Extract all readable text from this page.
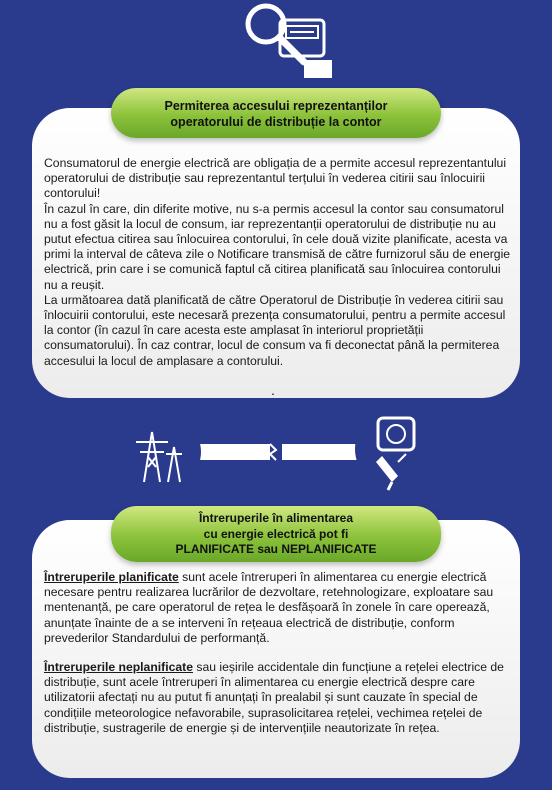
Permiterea accesului reprezentanților
operatorului de distribuție la contor

Consumatorul de energie electrică are obligația de a permite accesul reprezentantului operatorului de distribuție sau reprezentantul terțului în vederea citirii sau înlocuirii contorului!
În cazul în care, din diferite motive, nu s-a permis accesul la contor sau consumatorul nu a fost găsit la locul de consum, iar reprezentanții operatorului de distribuție nu au putut efectua citirea sau înlocuirea contorului, în cele două vizite planificate, acesta va primi la interval de câteva zile o Notificare transmisă de către furnizorul său de energie electrică, prin care i se comunică faptul că citirea planificată sau înlocuirea contorului nu a reușit.
La următoarea dată planificată de către Operatorul de Distribuție în vederea citirii sau înlocuirii contorului, este necesară prezența consumatorului, pentru a permite accesul la contor (în cazul în care acesta este amplasat în interiorul proprietății consumatorului). În caz contrar, locul de consum va fi deconectat până la permiterea accesului la locul de amplasare a contorului.

.
Întreruperile în alimentarea
cu energie electrică pot fi
PLANIFICATE sau NEPLANIFICATE

Întreruperile planificate sunt acele întreruperi în alimentarea cu energie electrică necesare pentru realizarea lucrărilor de dezvoltare, retehnologizare, exploatare sau mentenanță, pe care operatorul de rețea le desfășoară în zonele în care operează, anunțate înainte de a se interveni în rețeaua electrică de distribuție, conform prevederilor Standardului de performanță.

Întreruperile neplanificate sau ieșirile accidentale din funcțiune a rețelei electrice de distribuție, sunt acele întreruperi în alimentarea cu energie electrică despre care utilizatorii afectați nu au putut fi anunțați în prealabil și sunt cauzate în special de condițiile meteorologice nefavorabile, suprasolicitarea rețelei, vechimea rețelei de distribuție, sustragerile de energie și de intervențiile neautorizate în rețea.
